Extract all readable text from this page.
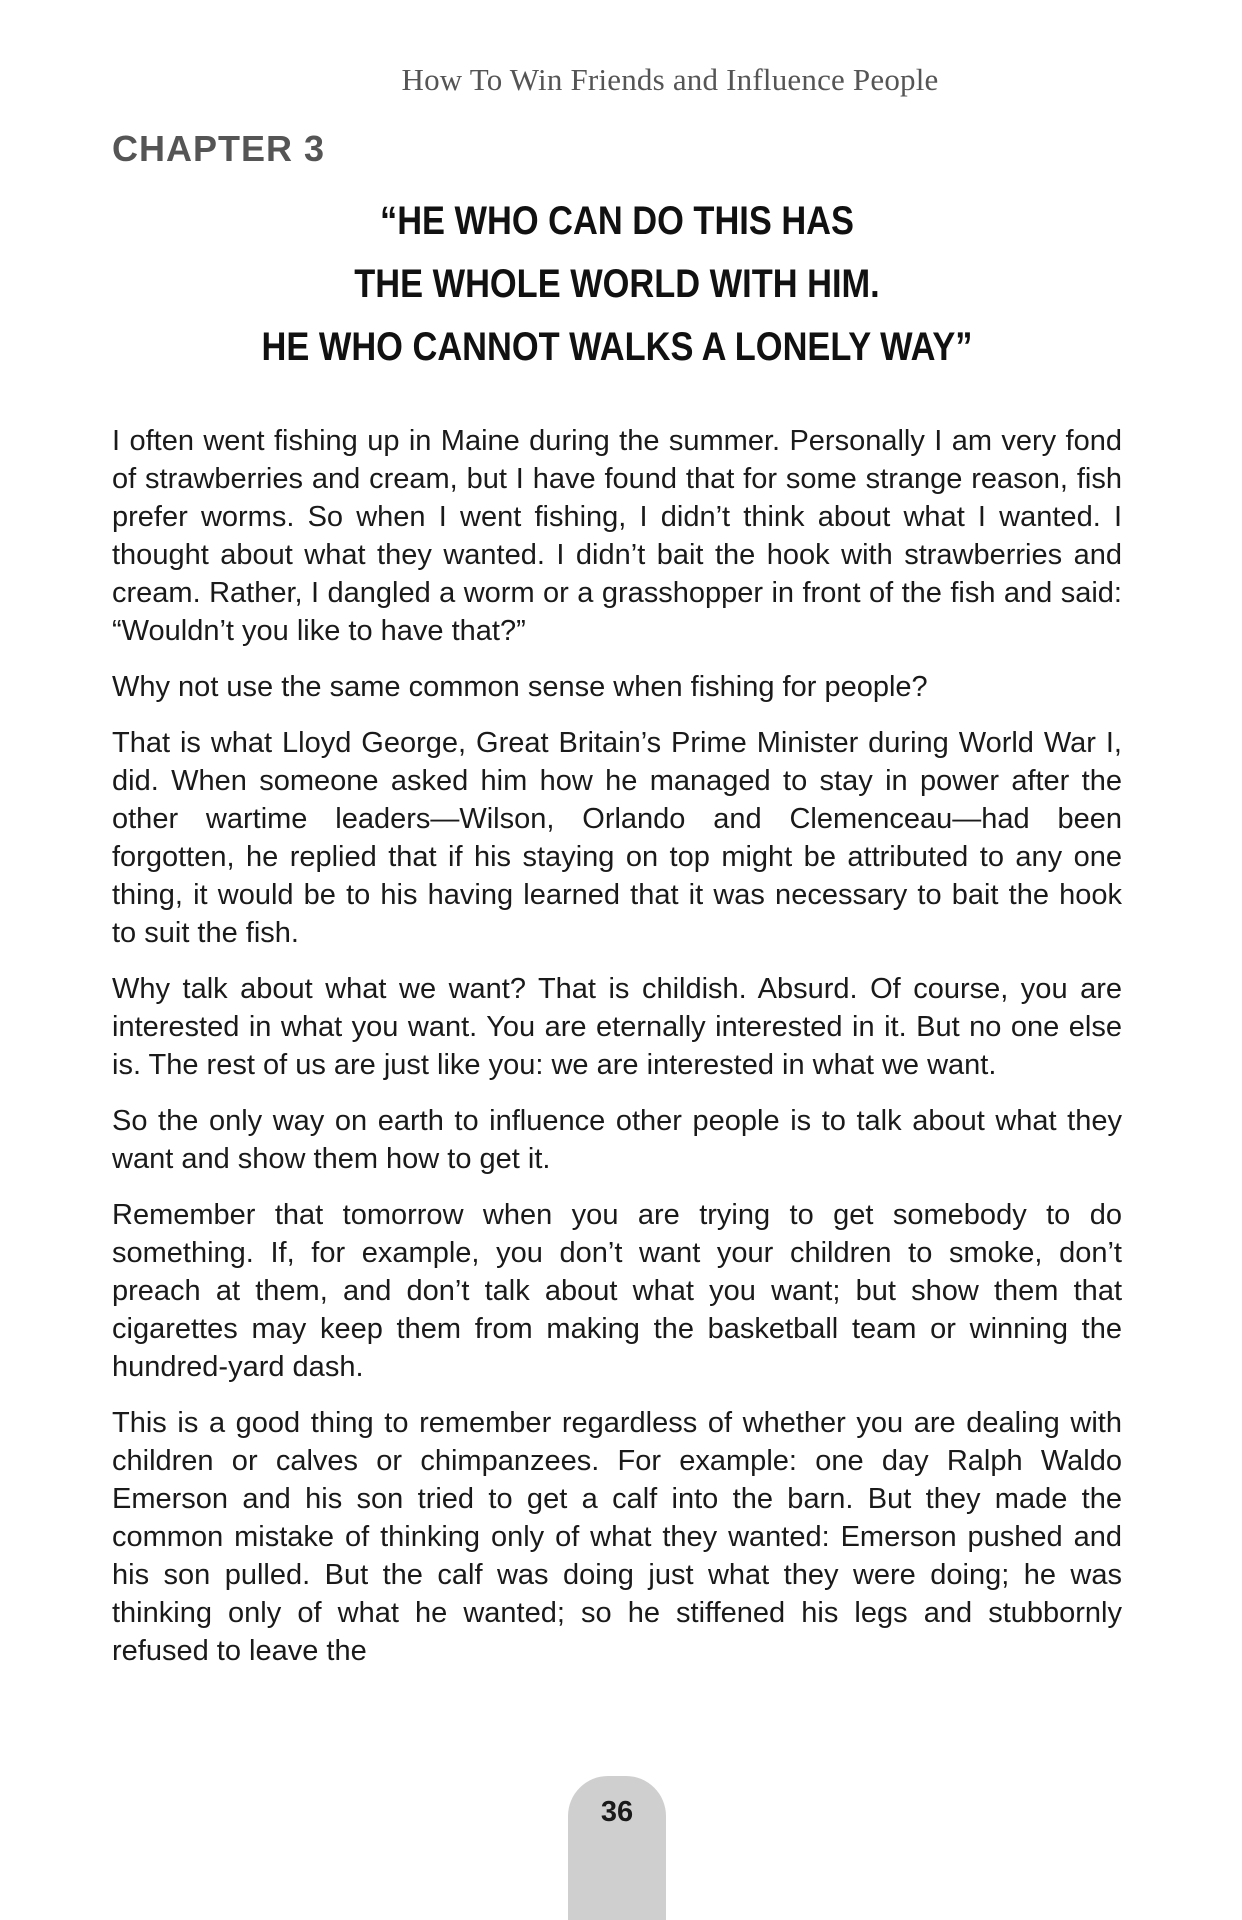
How To Win Friends and Influence People
CHAPTER 3
“HE WHO CAN DO THIS HAS
THE WHOLE WORLD WITH HIM.
HE WHO CANNOT WALKS A LONELY WAY”

I often went fishing up in Maine during the summer. Personally I am very fond of strawberries and cream, but I have found that for some strange reason, fish prefer worms. So when I went fishing, I didn’t think about what I wanted. I thought about what they wanted. I didn’t bait the hook with strawberries and cream. Rather, I dangled a worm or a grasshopper in front of the fish and said: “Wouldn’t you like to have that?”

Why not use the same common sense when fishing for people?

That is what Lloyd George, Great Britain’s Prime Minister during World War I, did. When someone asked him how he managed to stay in power after the other wartime leaders—Wilson, Orlando and Clemenceau—had been forgotten, he replied that if his staying on top might be attributed to any one thing, it would be to his having learned that it was necessary to bait the hook to suit the fish.

Why talk about what we want? That is childish. Absurd. Of course, you are interested in what you want. You are eternally interested in it. But no one else is. The rest of us are just like you: we are interested in what we want.

So the only way on earth to influence other people is to talk about what they want and show them how to get it.

Remember that tomorrow when you are trying to get somebody to do something. If, for example, you don’t want your children to smoke, don’t preach at them, and don’t talk about what you want; but show them that cigarettes may keep them from making the basketball team or winning the hundred-yard dash.

This is a good thing to remember regardless of whether you are dealing with children or calves or chimpanzees. For example: one day Ralph Waldo Emerson and his son tried to get a calf into the barn. But they made the common mistake of thinking only of what they wanted: Emerson pushed and his son pulled. But the calf was doing just what they were doing; he was thinking only of what he wanted; so he stiffened his legs and stubbornly refused to leave the

36
